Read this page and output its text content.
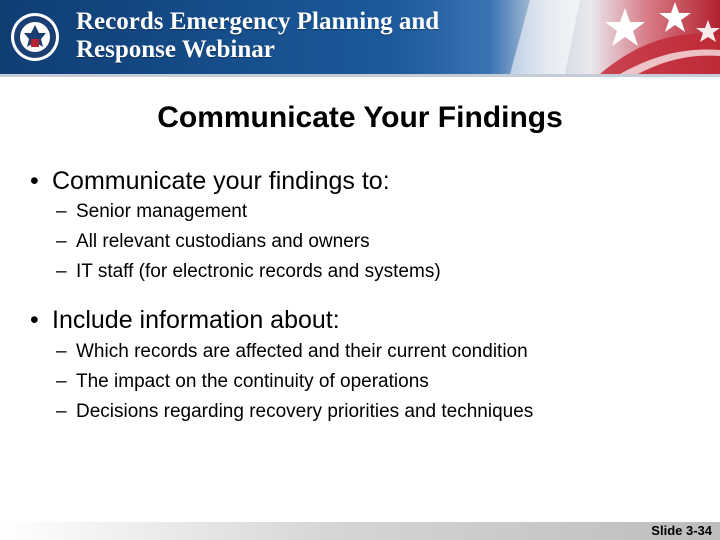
Records Emergency Planning and
Response Webinar
Communicate Your Findings
• Communicate your findings to:
– Senior management
– All relevant custodians and owners
– IT staff (for electronic records and systems)
• Include information about:
– Which records are affected and their current condition
– The impact on the continuity of operations
– Decisions regarding recovery priorities and techniques
Slide 3-34
